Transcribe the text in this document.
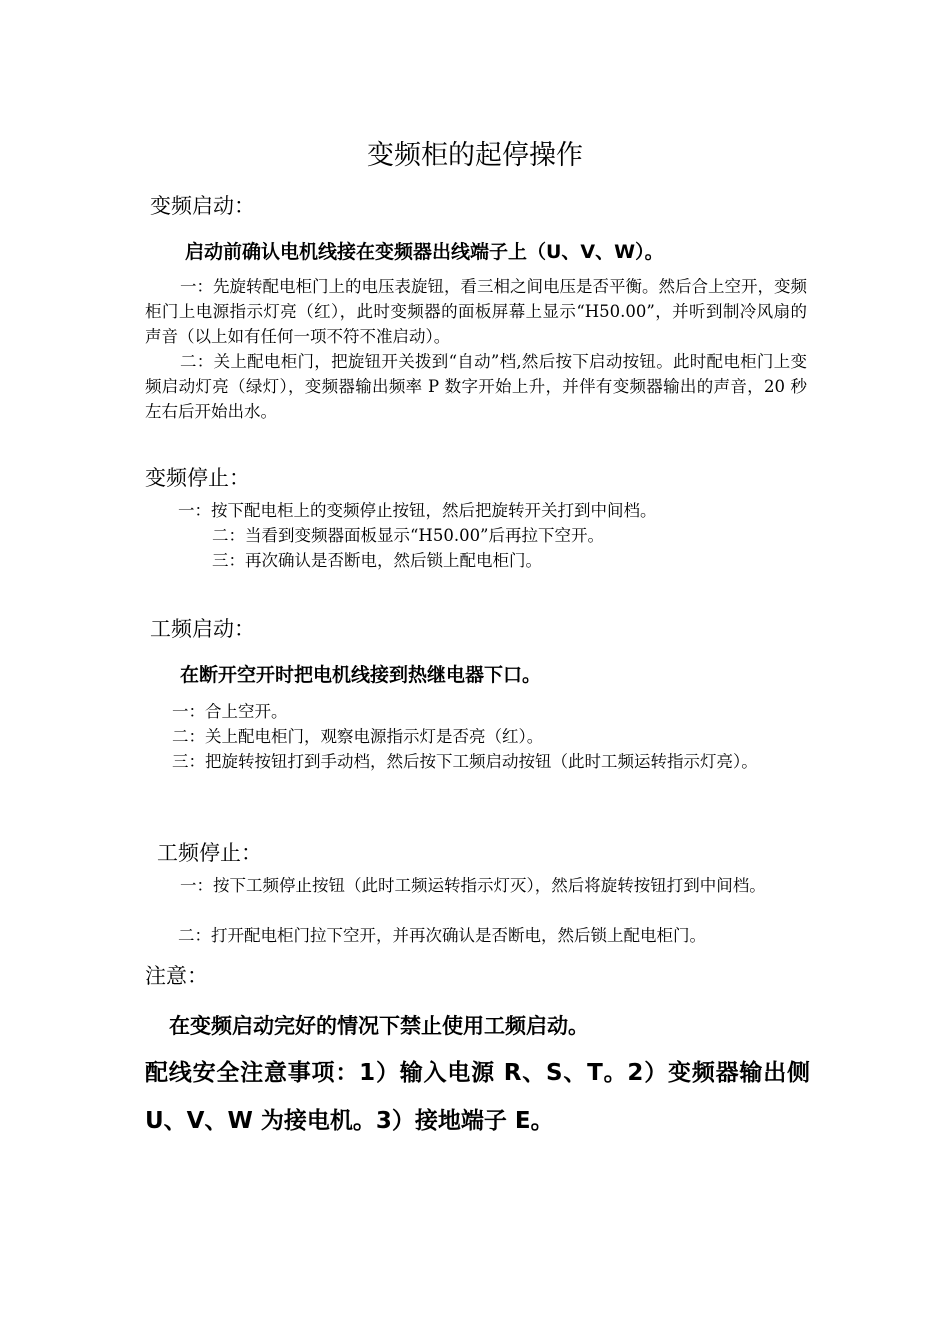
变频柜的起停操作
变频启动：
启动前确认电机线接在变频器出线端子上（U、V、W）。
一：先旋转配电柜门上的电压表旋钮，看三相之间电压是否平衡。然后合上空开，变频柜门上电源指示灯亮（红），此时变频器的面板屏幕上显示“H50.00”，并听到制冷风扇的声音（以上如有任何一项不符不准启动）。
二：关上配电柜门，把旋钮开关拨到“自动”档,然后按下启动按钮。此时配电柜门上变频启动灯亮（绿灯），变频器输出频率 P 数字开始上升，并伴有变频器输出的声音，20 秒左右后开始出水。
变频停止：
一：按下配电柜上的变频停止按钮，然后把旋转开关打到中间档。
二：当看到变频器面板显示“H50.00”后再拉下空开。
三：再次确认是否断电，然后锁上配电柜门。
工频启动：
在断开空开时把电机线接到热继电器下口。
一：合上空开。
二：关上配电柜门，观察电源指示灯是否亮（红）。
三：把旋转按钮打到手动档，然后按下工频启动按钮（此时工频运转指示灯亮）。
工频停止：
一：按下工频停止按钮（此时工频运转指示灯灭），然后将旋转按钮打到中间档。
二：打开配电柜门拉下空开，并再次确认是否断电，然后锁上配电柜门。
注意：
在变频启动完好的情况下禁止使用工频启动。
配线安全注意事项：1）输入电源 R、S、T。2）变频器输出侧 U、V、W 为接电机。3）接地端子 E。
